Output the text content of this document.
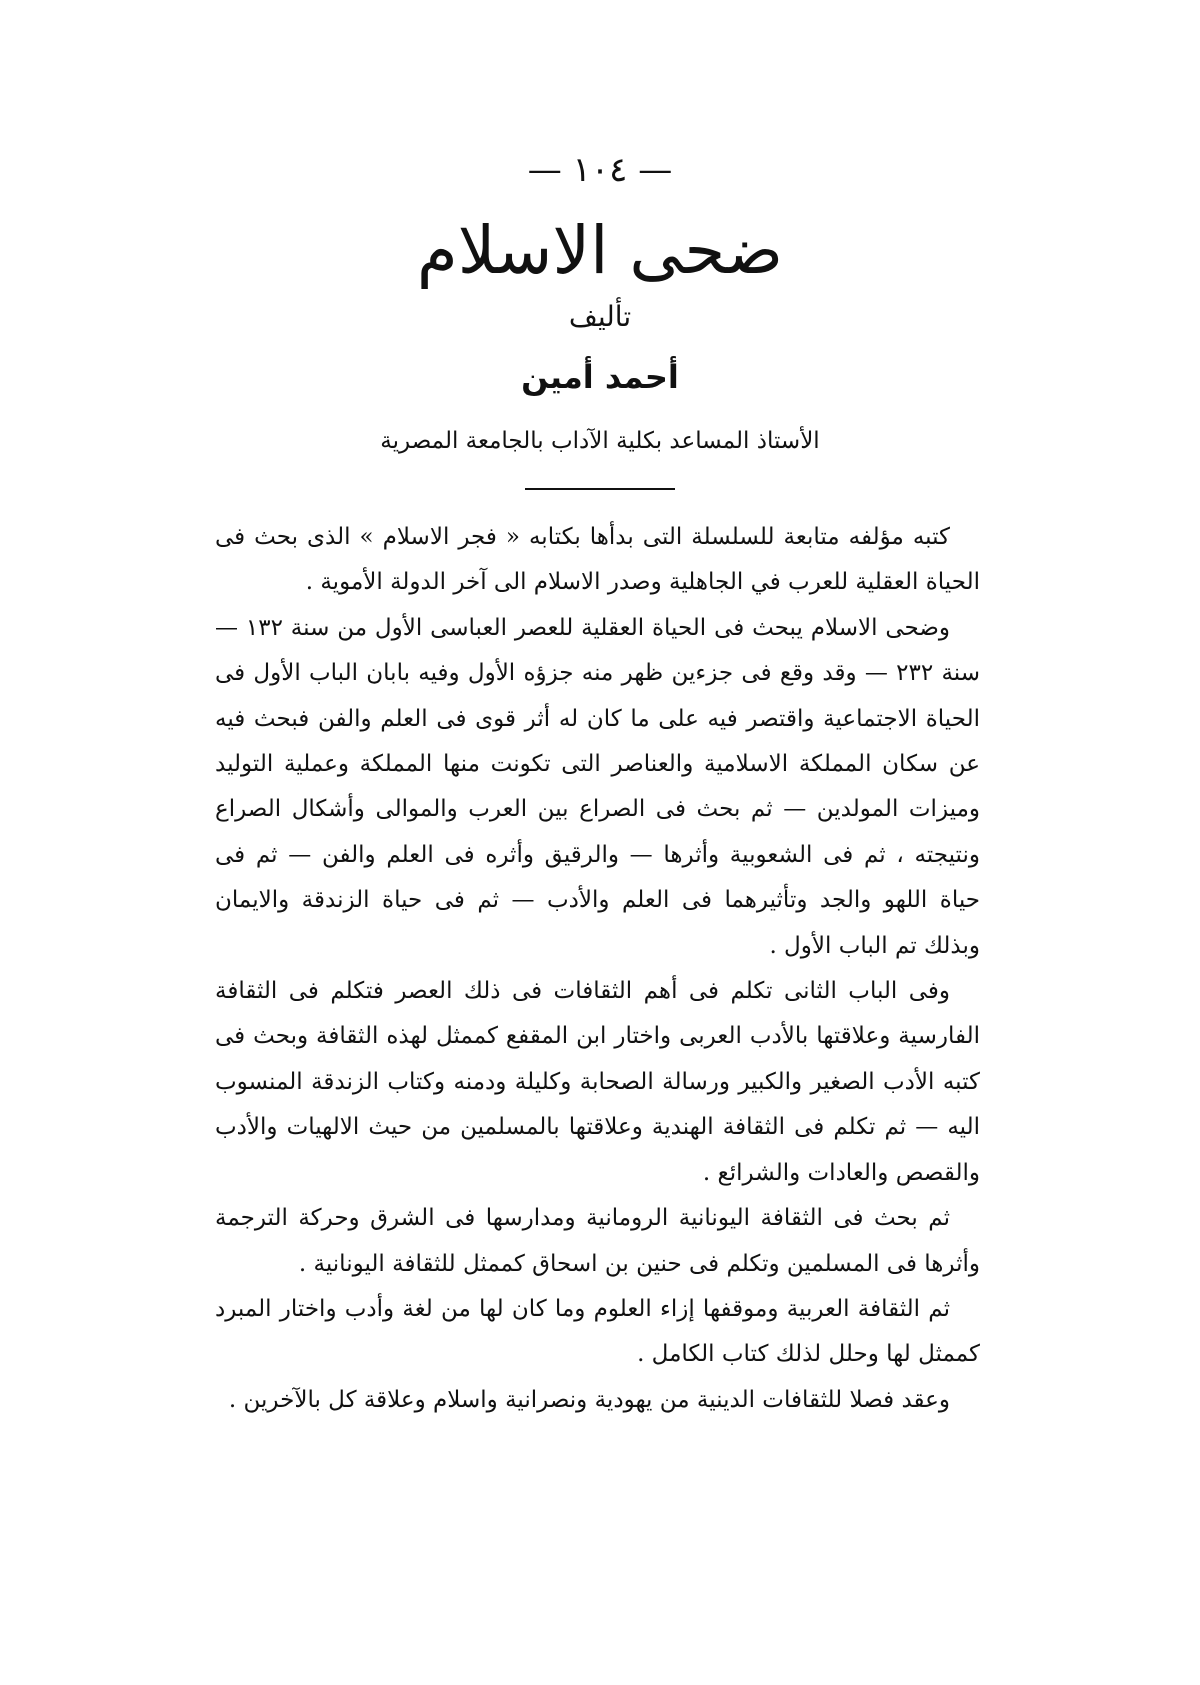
— ١٠٤ —
ضحى الاسلام
تأليف
أحمد أمين
الأستاذ المساعد بكلية الآداب بالجامعة المصرية

كتبه مؤلفه متابعة للسلسلة التى بدأها بكتابه « فجر الاسلام » الذى بحث فى الحياة العقلية للعرب في الجاهلية وصدر الاسلام الى آخر الدولة الأموية .

وضحى الاسلام يبحث فى الحياة العقلية للعصر العباسى الأول من سنة ١٣٢ — سنة ٢٣٢ — وقد وقع فى جزءين ظهر منه جزؤه الأول وفيه بابان الباب الأول فى الحياة الاجتماعية واقتصر فيه على ما كان له أثر قوى فى العلم والفن فبحث فيه عن سكان المملكة الاسلامية والعناصر التى تكونت منها المملكة وعملية التوليد وميزات المولدين — ثم بحث فى الصراع بين العرب والموالى وأشكال الصراع ونتيجته ، ثم فى الشعوبية وأثرها — والرقيق وأثره فى العلم والفن — ثم فى حياة اللهو والجد وتأثيرهما فى العلم والأدب — ثم فى حياة الزندقة والايمان وبذلك تم الباب الأول .

وفى الباب الثانى تكلم فى أهم الثقافات فى ذلك العصر فتكلم فى الثقافة الفارسية وعلاقتها بالأدب العربى واختار ابن المقفع كممثل لهذه الثقافة وبحث فى كتبه الأدب الصغير والكبير ورسالة الصحابة وكليلة ودمنه وكتاب الزندقة المنسوب اليه — ثم تكلم فى الثقافة الهندية وعلاقتها بالمسلمين من حيث الالهيات والأدب والقصص والعادات والشرائع .

ثم بحث فى الثقافة اليونانية الرومانية ومدارسها فى الشرق وحركة الترجمة وأثرها فى المسلمين وتكلم فى حنين بن اسحاق كممثل للثقافة اليونانية .

ثم الثقافة العربية وموقفها إزاء العلوم وما كان لها من لغة وأدب واختار المبرد كممثل لها وحلل لذلك كتاب الكامل .

وعقد فصلا للثقافات الدينية من يهودية ونصرانية واسلام وعلاقة كل بالآخرين .
